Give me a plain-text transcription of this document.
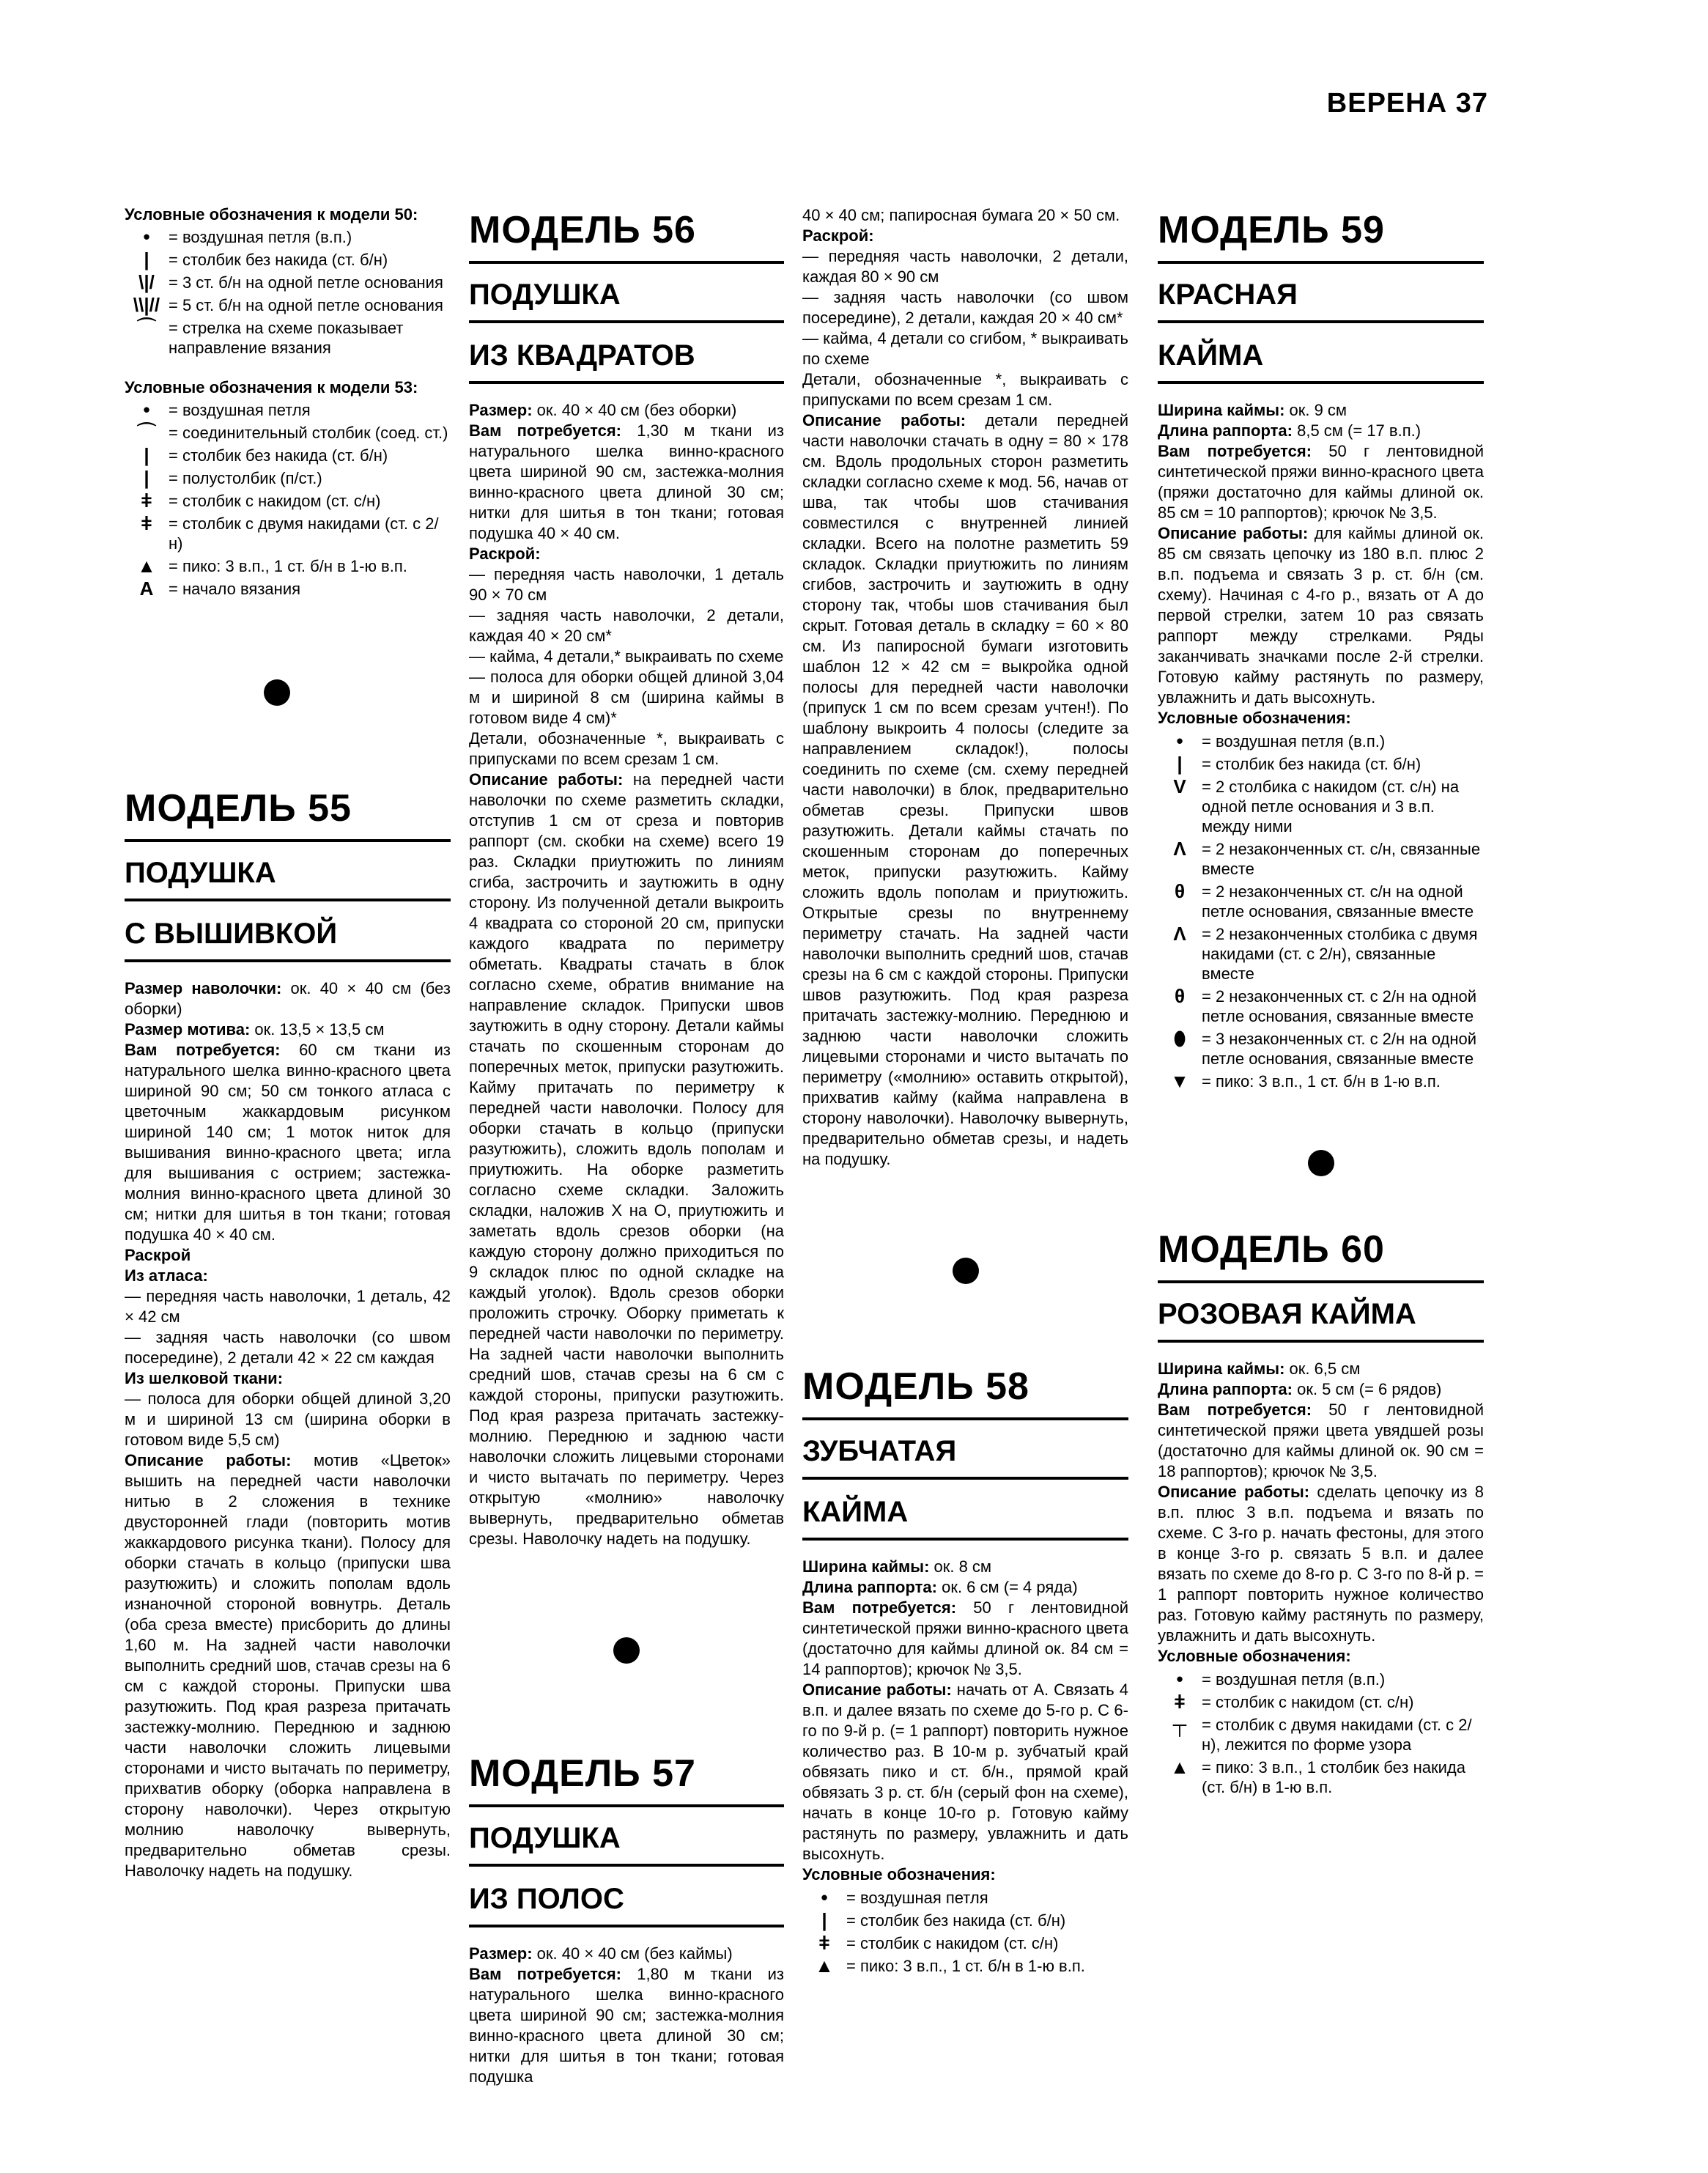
ВЕРЕНА 37
Условные обозначения к модели 50:
•	= воздушная петля (в.п.)
|	= столбик без накида (ст. б/н)
\|/ = 3 ст. б/н на одной петле основания
\\|// = 5 ст. б/н на одной петле основания
⌒ = стрелка на схеме показывает направление вязания
Условные обозначения к модели 53:
•	= воздушная петля
⌒ = соединительный столбик (соед. ст.)
|	= столбик без накида (ст. б/н)
|	= полустолбик (п/ст.)
ǂ	= столбик с накидом (ст. с/н)
ǂ	= столбик с двумя накидами (ст. с 2/н)
▲ = пико: 3 в.п., 1 ст. б/н в 1-ю в.п.
А = начало вязания
МОДЕЛЬ 55
ПОДУШКА
С ВЫШИВКОЙ

Размер наволочки: ок. 40 × 40 см (без оборки)

Размер мотива: ок. 13,5 × 13,5 см

Вам потребуется: 60 см ткани из натурального шелка винно-красного цвета шириной 90 см; 50 см тонкого атласа с цветочным жаккардовым рисунком шириной 140 см; 1 моток ниток для вышивания винно-красного цвета; игла для вышивания с острием; застежка-молния винно-красного цвета длиной 30 см; нитки для шитья в тон ткани; готовая подушка 40 × 40 см.

Раскрой

Из атласа:

— передняя часть наволочки, 1 деталь, 42 × 42 см

— задняя часть наволочки (со швом посередине), 2 детали 42 × 22 см каждая

Из шелковой ткани:

— полоса для оборки общей длиной 3,20 м и шириной 13 см (ширина оборки в готовом виде 5,5 см)

Описание работы: мотив «Цветок» вышить на передней части наволочки нитью в 2 сложения в технике двусторонней глади (повторить мотив жаккардового рисунка ткани). Полосу для оборки стачать в кольцо (припуски шва разутюжить) и сложить пополам вдоль изнаночной стороной вовнутрь. Деталь (оба среза вместе) присборить до длины 1,60 м. На задней части наволочки выполнить средний шов, стачав срезы на 6 см с каждой стороны. Припуски шва разутюжить. Под края разреза притачать застежку-молнию. Переднюю и заднюю части наволочки сложить лицевыми сторонами и чисто вытачать по периметру, прихватив оборку (оборка направлена в сторону наволочки). Через открытую молнию наволочку вывернуть, предварительно обметав срезы. Наволочку надеть на подушку.

МОДЕЛЬ 56
ПОДУШКА
ИЗ КВАДРАТОВ

Размер: ок. 40 × 40 см (без оборки)

Вам потребуется: 1,30 м ткани из натурального шелка винно-красного цвета шириной 90 см, застежка-молния винно-красного цвета длиной 30 см; нитки для шитья в тон ткани; готовая подушка 40 × 40 см.

Раскрой:

— передняя часть наволочки, 1 деталь 90 × 70 см

— задняя часть наволочки, 2 детали, каждая 40 × 20 см*

— кайма, 4 детали,* выкраивать по схеме

— полоса для оборки общей длиной 3,04 м и шириной 8 см (ширина каймы в готовом виде 4 см)*

Детали, обозначенные *, выкраивать с припусками по всем срезам 1 см.

Описание работы: на передней части наволочки по схеме разметить складки, отступив 1 см от среза и повторив раппорт (см. скобки на схеме) всего 19 раз. Складки приутюжить по линиям сгиба, застрочить и заутюжить в одну сторону. Из полученной детали выкроить 4 квадрата со стороной 20 см, припуски каждого квадрата по периметру обметать. Квадраты стачать в блок согласно схеме, обратив внимание на направление складок. Припуски швов заутюжить в одну сторону. Детали каймы стачать по скошенным сторонам до поперечных меток, припуски разутюжить. Кайму притачать по периметру к передней части наволочки. Полосу для оборки стачать в кольцо (припуски разутюжить), сложить вдоль пополам и приутюжить. На оборке разметить согласно схеме складки. Заложить складки, наложив Х на О, приутюжить и заметать вдоль срезов оборки (на каждую сторону должно приходиться по 9 складок плюс по одной складке на каждый уголок). Вдоль срезов оборки проложить строчку. Оборку приметать к передней части наволочки по периметру. На задней части наволочки выполнить средний шов, стачав срезы на 6 см с каждой стороны, припуски разутюжить. Под края разреза притачать застежку-молнию. Переднюю и заднюю части наволочки сложить лицевыми сторонами и чисто вытачать по периметру. Через открытую «молнию» наволочку вывернуть, предварительно обметав срезы. Наволочку надеть на подушку.

МОДЕЛЬ 57
ПОДУШКА
ИЗ ПОЛОС

Размер: ок. 40 × 40 см (без каймы)

Вам потребуется: 1,80 м ткани из натурального шелка винно-красного цвета шириной 90 см; застежка-молния винно-красного цвета длиной 30 см; нитки для шитья в тон ткани; готовая подушка

40 × 40 см; папиросная бумага 20 × 50 см.

Раскрой:

— передняя часть наволочки, 2 детали, каждая 80 × 90 см

— задняя часть наволочки (со швом посередине), 2 детали, каждая 20 × 40 см*

— кайма, 4 детали со сгибом, * выкраивать по схеме

Детали, обозначенные *, выкраивать с припусками по всем срезам 1 см.

Описание работы: детали передней части наволочки стачать в одну = 80 × 178 см. Вдоль продольных сторон разметить складки согласно схеме к мод. 56, начав от шва, так чтобы шов стачивания совместился с внутренней линией складки. Всего на полотне разметить 59 складок. Складки приутюжить по линиям сгибов, застрочить и заутюжить в одну сторону так, чтобы шов стачивания был скрыт. Готовая деталь в складку = 60 × 80 см. Из папиросной бумаги изготовить шаблон 12 × 42 см = выкройка одной полосы для передней части наволочки (припуск 1 см по всем срезам учтен!). По шаблону выкроить 4 полосы (следите за направлением складок!), полосы соединить по схеме (см. схему передней части наволочки) в блок, предварительно обметав срезы. Припуски швов разутюжить. Детали каймы стачать по скошенным сторонам до поперечных меток, припуски разутюжить. Кайму сложить вдоль пополам и приутюжить. Открытые срезы по внутреннему периметру стачать. На задней части наволочки выполнить средний шов, стачав срезы на 6 см с каждой стороны. Припуски швов разутюжить. Под края разреза притачать застежку-молнию. Переднюю и заднюю части наволочки сложить лицевыми сторонами и чисто вытачать по периметру («молнию» оставить открытой), прихватив кайму (кайма направлена в сторону наволочки). Наволочку вывернуть, предварительно обметав срезы, и надеть на подушку.

МОДЕЛЬ 58
ЗУБЧАТАЯ
КАЙМА

Ширина каймы: ок. 8 см

Длина раппорта: ок. 6 см (= 4 ряда)

Вам потребуется: 50 г лентовидной синтетической пряжи винно-красного цвета (достаточно для каймы длиной ок. 84 см = 14 раппортов); крючок № 3,5.

Описание работы: начать от А. Связать 4 в.п. и далее вязать по схеме до 5-го р. С 6-го по 9-й р. (= 1 раппорт) повторить нужное количество раз. В 10-м р. зубчатый край обвязать пико и ст. б/н., прямой край обвязать 3 р. ст. б/н (серый фон на схеме), начать в конце 10-го р. Готовую кайму растянуть по размеру, увлажнить и дать высохнуть.

Условные обозначения:

•	= воздушная петля
|	= столбик без накида (ст. б/н)
ǂ	= столбик с накидом (ст. с/н)
▲ = пико: 3 в.п., 1 ст. б/н в 1-ю в.п.
МОДЕЛЬ 59
КРАСНАЯ
КАЙМА

Ширина каймы: ок. 9 см

Длина раппорта: 8,5 см (= 17 в.п.)

Вам потребуется: 50 г лентовидной синтетической пряжи винно-красного цвета (пряжи достаточно для каймы длиной ок. 85 см = 10 раппортов); крючок № 3,5.

Описание работы: для каймы длиной ок. 85 см связать цепочку из 180 в.п. плюс 2 в.п. подъема и связать 3 р. ст. б/н (см. схему). Начиная с 4-го р., вязать от А до первой стрелки, затем 10 раз связать раппорт между стрелками. Ряды заканчивать значками после 2-й стрелки. Готовую кайму растянуть по размеру, увлажнить и дать высохнуть.

Условные обозначения:

•	= воздушная петля (в.п.)
|	= столбик без накида (ст. б/н)
V = 2 столбика с накидом (ст. с/н) на одной петле основания и 3 в.п. между ними
Λ = 2 незаконченных ст. с/н, связанные вместе
θ	= 2 незаконченных ст. с/н на одной петле основания, связанные вместе
Λ = 2 незаконченных столбика с двумя накидами (ст. с 2/н), связанные вместе
θ	= 2 незаконченных ст. с 2/н на одной петле основания, связанные вместе
⬮ = 3 незаконченных ст. с 2/н на одной петле основания, связанные вместе
▼ = пико: 3 в.п., 1 ст. б/н в 1-ю в.п.
МОДЕЛЬ 60
РОЗОВАЯ КАЙМА

Ширина каймы: ок. 6,5 см

Длина раппорта: ок. 5 см (= 6 рядов)

Вам потребуется: 50 г лентовидной синтетической пряжи цвета увядшей розы (достаточно для каймы длиной ок. 90 см = 18 раппортов); крючок № 3,5.

Описание работы: сделать цепочку из 8 в.п. плюс 3 в.п. подъема и вязать по схеме. С 3-го р. начать фестоны, для этого в конце 3-го р. связать 5 в.п. и далее вязать по схеме до 8-го р. С 3-го по 8-й р. = 1 раппорт повторить нужное количество раз. Готовую кайму растянуть по размеру, увлажнить и дать высохнуть.

Условные обозначения:

•	= воздушная петля (в.п.)
ǂ	= столбик с накидом (ст. с/н)
┬ = столбик с двумя накидами (ст. с 2/н), лежится по форме узора
▲ = пико: 3 в.п., 1 столбик без накида (ст. б/н) в 1-ю в.п.
